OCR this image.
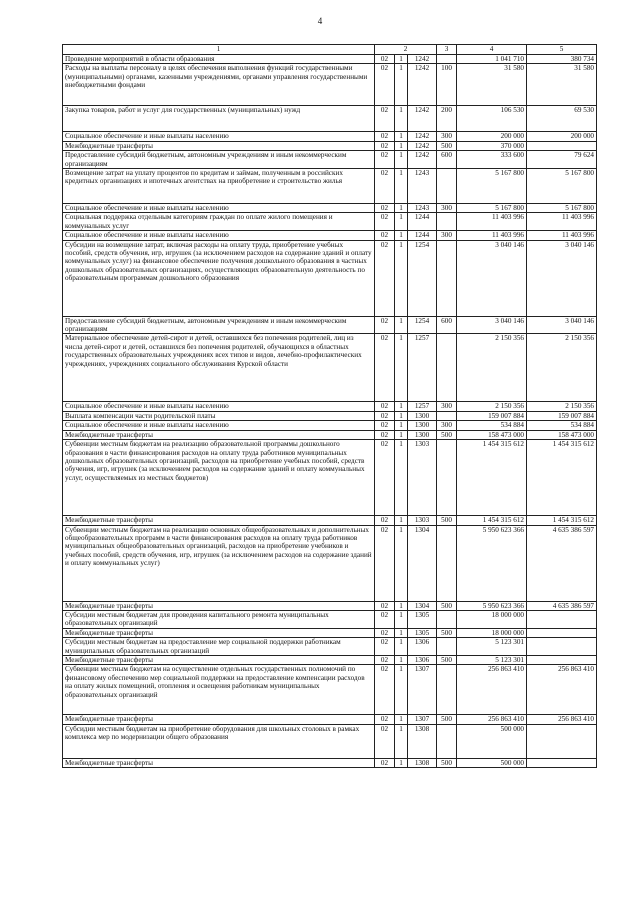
4
1	2			3	4	5
Проведение мероприятий в области образования	02	1	1242		1 041 710	380 734
Расходы на выплаты персоналу в целях обеспечения выполнения функций государственными (муниципальными) органами, казенными учреждениями, органами управления государственными внебюджетными фондами	02	1	1242	100	31 580	31 580
Закупка товаров, работ и услуг для государственных (муниципальных) нужд	02	1	1242	200	106 530	69 530
Социальное обеспечение и иные выплаты населению	02	1	1242	300	200 000	200 000
Межбюджетные трансферты	02	1	1242	500	370 000	
Предоставление субсидий бюджетным, автономным учреждениям и иным некоммерческим организациям	02	1	1242	600	333 600	79 624
Возмещение затрат на уплату процентов по кредитам и займам, полученным в российских кредитных организациях и ипотечных агентствах на приобретение и строительство жилья	02	1	1243		5 167 800	5 167 800
Социальное обеспечение и иные выплаты населению	02	1	1243	300	5 167 800	5 167 800
Социальная поддержка отдельным категориям граждан по оплате жилого помещения и коммунальных услуг	02	1	1244		11 403 996	11 403 996
Социальное обеспечение и иные выплаты населению	02	1	1244	300	11 403 996	11 403 996
Субсидии на возмещение затрат, включая расходы на оплату труда, приобретение учебных пособий, средств обучения, игр, игрушек (за исключением расходов на содержание зданий и оплату коммунальных услуг) на финансовое обеспечение получения дошкольного образования в частных дошкольных образовательных организациях, осуществляющих образовательную деятельность по образовательным программам дошкольного образования	02	1	1254		3 040 146	3 040 146
Предоставление субсидий бюджетным, автономным учреждениям и иным некоммерческим организациям	02	1	1254	600	3 040 146	3 040 146
Материальное обеспечение детей-сирот и детей, оставшихся без попечения родителей, лиц из числа детей-сирот и детей, оставшихся без попечения родителей, обучающихся в областных государственных образовательных учреждениях всех типов и видов, лечебно-профилактических учреждениях, учреждениях социального обслуживания Курской области	02	1	1257		2 150 356	2 150 356
Социальное обеспечение и иные выплаты населению	02	1	1257	300	2 150 356	2 150 356
Выплата компенсации части родительской платы	02	1	1300		159 007 884	159 007 884
Социальное обеспечение и иные выплаты населению	02	1	1300	300	534 884	534 884
Межбюджетные трансферты	02	1	1300	500	158 473 000	158 473 000
Субвенции местным бюджетам на реализацию образовательной программы дошкольного образования в части финансирования расходов на оплату труда работников муниципальных дошкольных образовательных организаций, расходов на приобретение учебных пособий, средств обучения, игр, игрушек (за исключением расходов на содержание зданий и оплату коммунальных услуг, осуществляемых из местных бюджетов)	02	1	1303		1 454 315 612	1 454 315 612
Межбюджетные трансферты	02	1	1303	500	1 454 315 612	1 454 315 612
Субвенции местным бюджетам на реализацию основных общеобразовательных и дополнительных общеобразовательных программ в части финансирования расходов на оплату труда работников муниципальных общеобразовательных организаций, расходов на приобретение учебников и учебных пособий, средств обучения, игр, игрушек (за исключением расходов на содержание зданий и оплату коммунальных услуг)	02	1	1304		5 950 623 366	4 635 386 597
Межбюджетные трансферты	02	1	1304	500	5 950 623 366	4 635 386 597
Субсидии местным бюджетам для проведения капитального ремонта муниципальных образовательных организаций	02	1	1305		18 000 000	
Межбюджетные трансферты	02	1	1305	500	18 000 000	
Субсидии местным бюджетам на предоставление мер социальной поддержки работникам муниципальных образовательных организаций	02	1	1306		5 123 301	
Межбюджетные трансферты	02	1	1306	500	5 123 301	
Субвенции местным бюджетам на осуществление отдельных государственных полномочий по финансовому обеспечению мер социальной поддержки на предоставление компенсации расходов на оплату жилых помещений, отопления и освещения работникам муниципальных образовательных организаций	02	1	1307		256 863 410	256 863 410
Межбюджетные трансферты	02	1	1307	500	256 863 410	256 863 410
Субсидии местным бюджетам на приобретение оборудования для школьных столовых в рамках комплекса мер по модернизации общего образования	02	1	1308		500 000	
Межбюджетные трансферты	02	1	1308	500	500 000	
